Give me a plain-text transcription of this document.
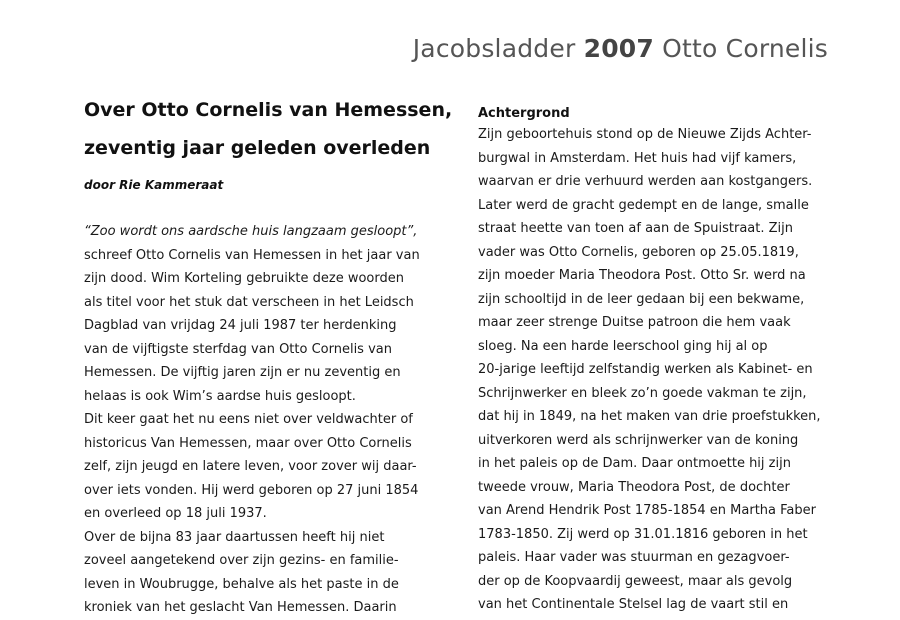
Jacobsladder 2007 Otto Cornelis
Over Otto Cornelis van Hemessen,
zeventig jaar geleden overleden
door Rie Kammeraat
“Zoo wordt ons aardsche huis langzaam gesloopt”,
schreef Otto Cornelis van Hemessen in het jaar van
zijn dood. Wim Korteling gebruikte deze woorden
als titel voor het stuk dat verscheen in het Leidsch
Dagblad van vrijdag 24 juli 1987 ter herdenking
van de vijftigste sterfdag van Otto Cornelis van
Hemessen. De vijftig jaren zijn er nu zeventig en
helaas is ook Wim’s aardse huis gesloopt.
Dit keer gaat het nu eens niet over veldwachter of
historicus Van Hemessen, maar over Otto Cornelis
zelf, zijn jeugd en latere leven, voor zover wij daar-
over iets vonden. Hij werd geboren op 27 juni 1854
en overleed op 18 juli 1937.
Over de bijna 83 jaar daartussen heeft hij niet
zoveel aangetekend over zijn gezins- en familie-
leven in Woubrugge, behalve als het paste in de
kroniek van het geslacht Van Hemessen. Daarin
Achtergrond
Zijn geboortehuis stond op de Nieuwe Zijds Achter-
burgwal in Amsterdam. Het huis had vijf kamers,
waarvan er drie verhuurd werden aan kostgangers.
Later werd de gracht gedempt en de lange, smalle
straat heette van toen af aan de Spuistraat. Zijn
vader was Otto Cornelis, geboren op 25.05.1819,
zijn moeder Maria Theodora Post. Otto Sr. werd na
zijn schooltijd in de leer gedaan bij een bekwame,
maar zeer strenge Duitse patroon die hem vaak
sloeg. Na een harde leerschool ging hij al op
20-jarige leeftijd zelfstandig werken als Kabinet- en
Schrijnwerker en bleek zo’n goede vakman te zijn,
dat hij in 1849, na het maken van drie proefstukken,
uitverkoren werd als schrijnwerker van de koning
in het paleis op de Dam. Daar ontmoette hij zijn
tweede vrouw, Maria Theodora Post, de dochter
van Arend Hendrik Post 1785-1854 en Martha Faber
1783-1850. Zij werd op 31.01.1816 geboren in het
paleis. Haar vader was stuurman en gezagvoer-
der op de Koopvaardij geweest, maar als gevolg
van het Continentale Stelsel lag de vaart stil en
